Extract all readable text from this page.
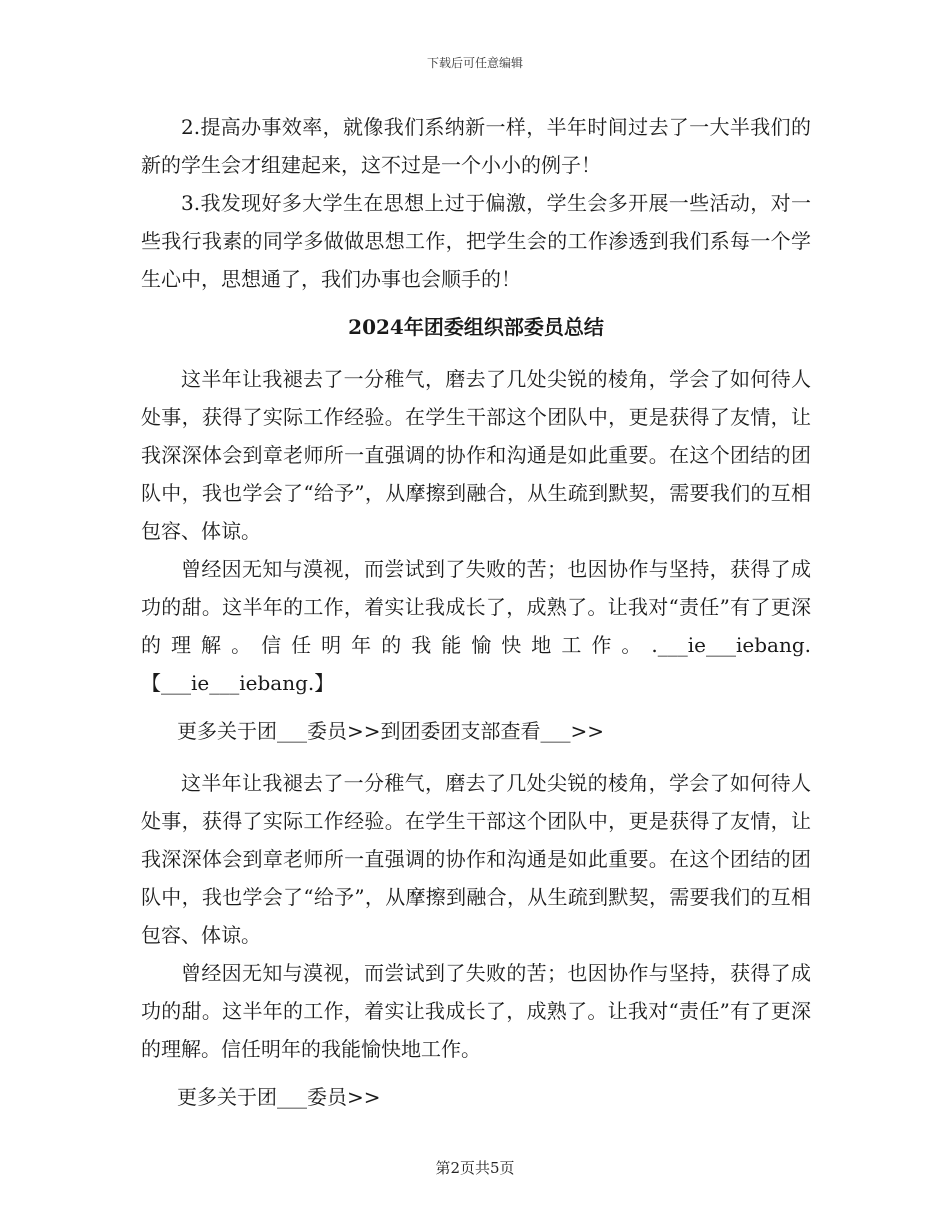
下载后可任意编辑

2.提高办事效率，就像我们系纳新一样，半年时间过去了一大半我们的新的学生会才组建起来，这不过是一个小小的例子！

3.我发现好多大学生在思想上过于偏激，学生会多开展一些活动，对一些我行我素的同学多做做思想工作，把学生会的工作渗透到我们系每一个学生心中，思想通了，我们办事也会顺手的！

2024年团委组织部委员总结

这半年让我褪去了一分稚气，磨去了几处尖锐的棱角，学会了如何待人处事，获得了实际工作经验。在学生干部这个团队中，更是获得了友情，让我深深体会到章老师所一直强调的协作和沟通是如此重要。在这个团结的团队中，我也学会了“给予”，从摩擦到融合，从生疏到默契，需要我们的互相包容、体谅。

曾经因无知与漠视，而尝试到了失败的苦；也因协作与坚持，获得了成功的甜。这半年的工作，着实让我成长了，成熟了。让我对“责任”有了更深的理解。信任明年的我能愉快地工作。.___ie___iebang.【___ie___iebang.】

更多关于团___委员>>到团委团支部查看___>>

这半年让我褪去了一分稚气，磨去了几处尖锐的棱角，学会了如何待人处事，获得了实际工作经验。在学生干部这个团队中，更是获得了友情，让我深深体会到章老师所一直强调的协作和沟通是如此重要。在这个团结的团队中，我也学会了“给予”，从摩擦到融合，从生疏到默契，需要我们的互相包容、体谅。

曾经因无知与漠视，而尝试到了失败的苦；也因协作与坚持，获得了成功的甜。这半年的工作，着实让我成长了，成熟了。让我对“责任”有了更深的理解。信任明年的我能愉快地工作。

更多关于团___委员>>

第2页共5页
